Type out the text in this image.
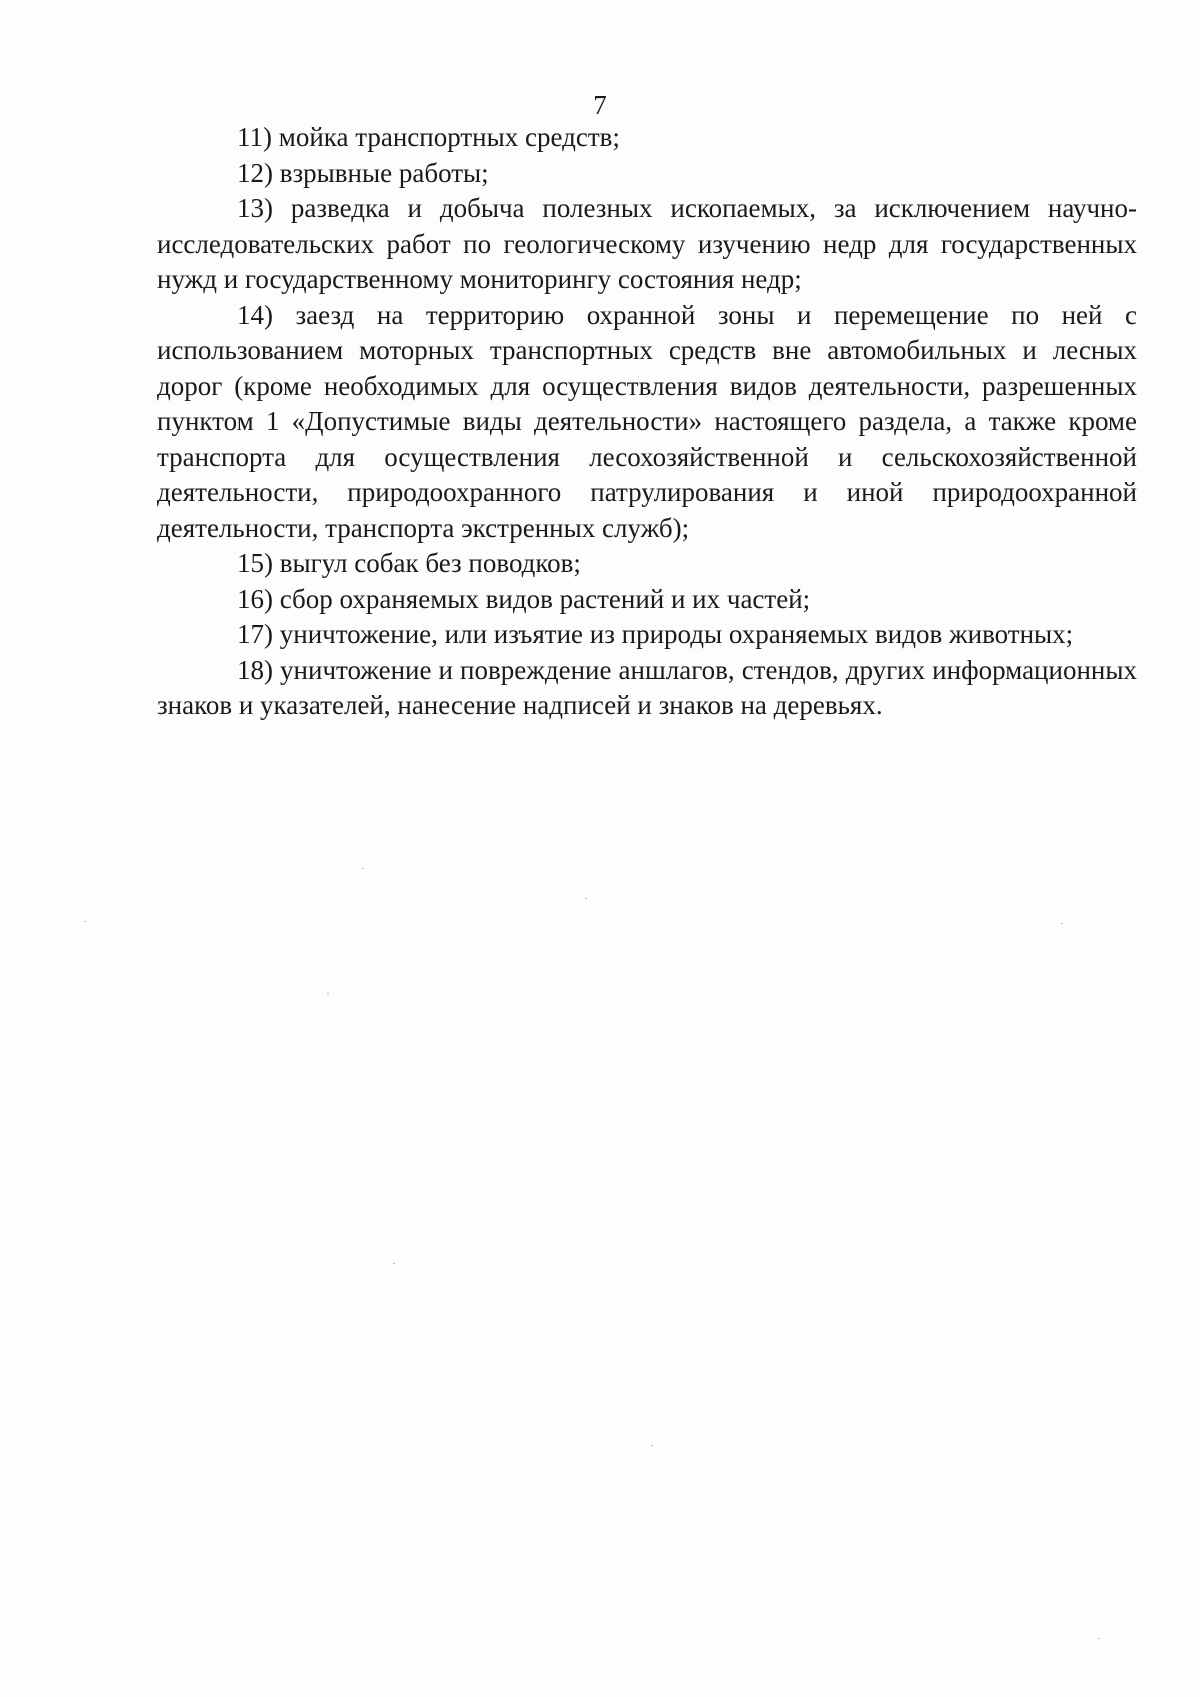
7

11) мойка транспортных средств;

12) взрывные работы;

13) разведка и добыча полезных ископаемых, за исключением научно-исследовательских работ по геологическому изучению недр для государственных нужд и государственному мониторингу состояния недр;

14) заезд на территорию охранной зоны и перемещение по ней с использованием моторных транспортных средств вне автомобильных и лесных дорог (кроме необходимых для осуществления видов деятельности, разрешенных пунктом 1 «Допустимые виды деятельности» настоящего раздела, а также кроме транспорта для осуществления лесохозяйственной и сельскохозяйственной деятельности, природоохранного патрулирования и иной природоохранной деятельности, транспорта экстренных служб);

15) выгул собак без поводков;

16) сбор охраняемых видов растений и их частей;

17) уничтожение, или изъятие из природы охраняемых видов животных;

18) уничтожение и повреждение аншлагов, стендов, других информационных знаков и указателей, нанесение надписей и знаков на деревьях.
